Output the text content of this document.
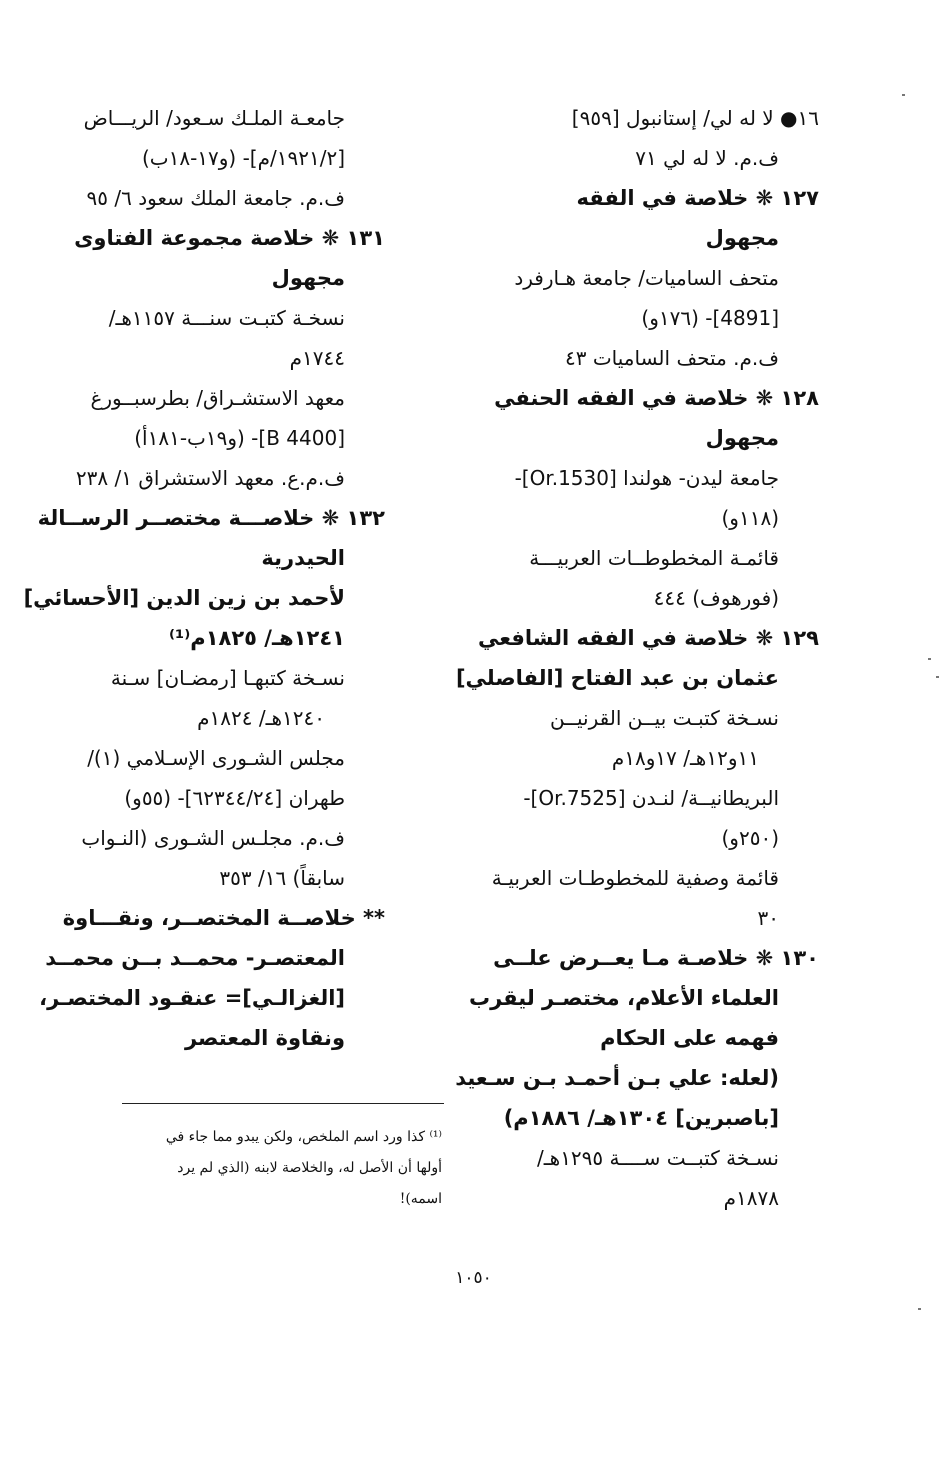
١٦● لا له لي/ إستانبول [٩٥٩]
ف.م. لا له لي ٧١
١٢٧ ❋ خلاصة في الفقه
مجهول
متحف الساميات/ جامعة هـارفرد
[4891]- (١٧٦و)
ف.م. متحف الساميات ٤٣
١٢٨ ❋ خلاصة في الفقه الحنفي
مجهول
جامعة ليدن- هولندا [Or.1530]-
(١١٨و)
قائمـة المخطوطــات العربيـــة
(فورهوف) ٤٤٤
١٢٩ ❋ خلاصة في الفقه الشافعي
عثمان بن عبد الفتاح [الفاصلي]
نسـخة كتبـت بيــن القرنيــن
١١و١٢هـ/ ١٧و١٨م
البريطانيــة/ لنـدن [Or.7525]-
(٢٥٠و)
قائمة وصفية للمخطوطـات العربيـة
٣٠
١٣٠ ❋ خلاصـة مـا يعــرض علــى
العلماء الأعلام، مختصـر ليقرب
فهمه على الحكام
(لعله: علي بـن أحمـد بـن سـعيد
[باصبرين] ١٣٠٤هـ/ ١٨٨٦م)
نسـخة كتبــت ســــة ١٢٩٥هـ/
١٨٧٨م
جامعـة الملـك سـعود/ الريـــاض
[١٩٢١/٢/م]- (و١٧-١٨ب)
ف.م. جامعة الملك سعود ٦/ ٩٥
١٣١ ❋ خلاصة مجموعة الفتاوى
مجهول
نسخـة كتبـت سنـــة ١١٥٧هـ/
١٧٤٤م
معهد الاستشـراق/ بطرسبــورغ
[B 4400]- (و١٩ب-١٨١أ)
ف.م.ع. معهد الاستشراق ١/ ٢٣٨
١٣٢ ❋ خلاصـــة مختصــر الرســالة
الحيدرية
لأحمد بن زين الدين [الأحسائي]
١٢٤١هـ/ ١٨٢٥م⁽¹⁾
نسـخة كتبهـا [رمضـان] سـنة
١٢٤٠هـ/ ١٨٢٤م
مجلس الشـورى الإسـلامي (١)/
طهران [٦٢٣٤٤/٢٤]- (٥٥و)
ف.م. مجلـس الشـورى (النـواب
سابقاً) ١٦/ ٣٥٣
** خلاصــة المختصــر، ونقـــاوة
المعتصـر- محمــد بــن محمــد
[الغزالـي]= عنقـود المختصـر،
ونقاوة المعتصر
⁽¹⁾ كذا ورد اسم الملخص، ولكن يبدو مما جاء في
أولها أن الأصل له، والخلاصة لابنه (الذي لم يرد
اسمه)!
١٠٥٠
